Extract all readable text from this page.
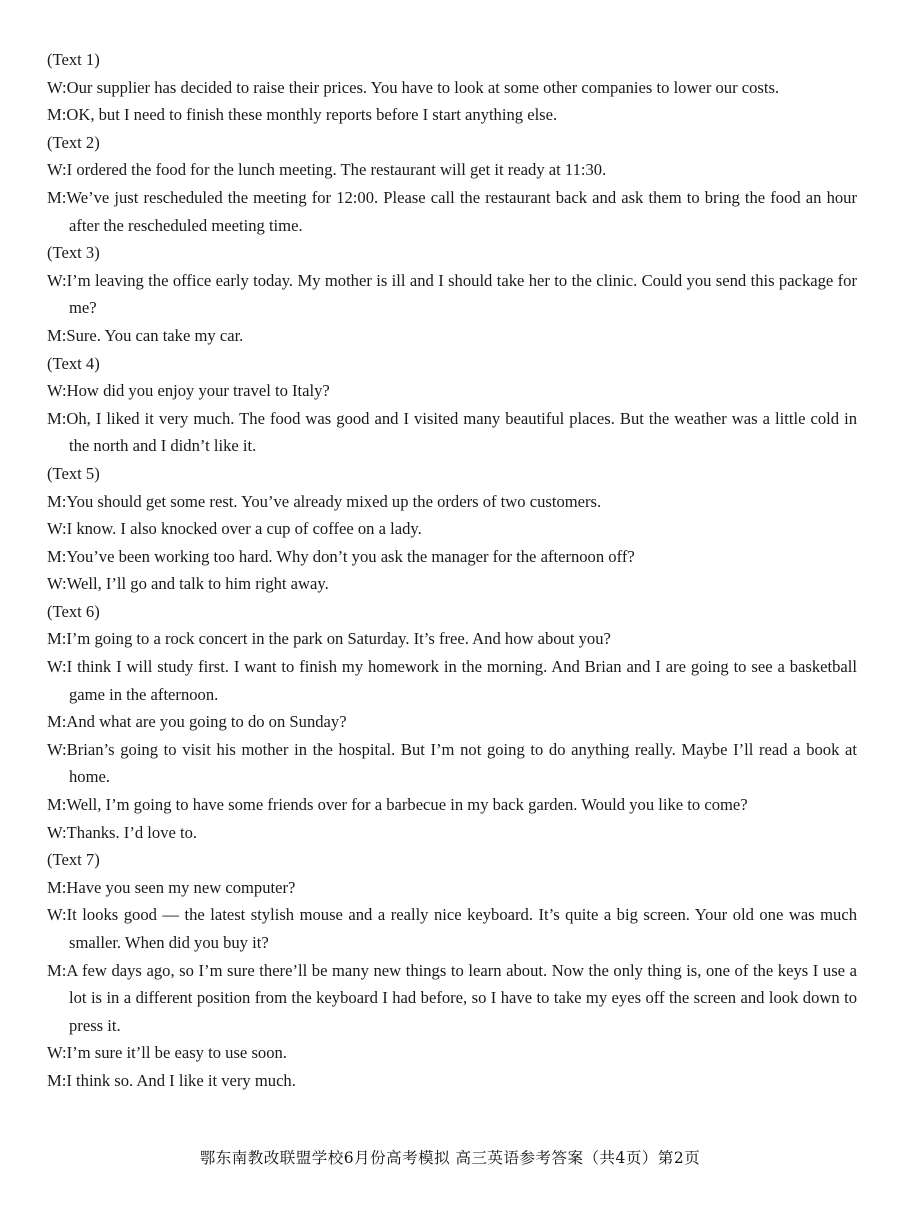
(Text 1)
W:Our supplier has decided to raise their prices. You have to look at some other companies to lower our costs.
M:OK, but I need to finish these monthly reports before I start anything else.
(Text 2)
W:I ordered the food for the lunch meeting. The restaurant will get it ready at 11:30.
M:We’ve just rescheduled the meeting for 12:00. Please call the restaurant back and ask them to bring the food an hour after the rescheduled meeting time.
(Text 3)
W:I’m leaving the office early today. My mother is ill and I should take her to the clinic. Could you send this package for me?
M:Sure. You can take my car.
(Text 4)
W:How did you enjoy your travel to Italy?
M:Oh, I liked it very much. The food was good and I visited many beautiful places. But the weather was a little cold in the north and I didn’t like it.
(Text 5)
M:You should get some rest. You’ve already mixed up the orders of two customers.
W:I know. I also knocked over a cup of coffee on a lady.
M:You’ve been working too hard. Why don’t you ask the manager for the afternoon off?
W:Well, I’ll go and talk to him right away.
(Text 6)
M:I’m going to a rock concert in the park on Saturday. It’s free. And how about you?
W:I think I will study first. I want to finish my homework in the morning. And Brian and I are going to see a basketball game in the afternoon.
M:And what are you going to do on Sunday?
W:Brian’s going to visit his mother in the hospital. But I’m not going to do anything really. Maybe I’ll read a book at home.
M:Well, I’m going to have some friends over for a barbecue in my back garden. Would you like to come?
W:Thanks. I’d love to.
(Text 7)
M:Have you seen my new computer?
W:It looks good — the latest stylish mouse and a really nice keyboard. It’s quite a big screen. Your old one was much smaller. When did you buy it?
M:A few days ago, so I’m sure there’ll be many new things to learn about. Now the only thing is, one of the keys I use a lot is in a different position from the keyboard I had before, so I have to take my eyes off the screen and look down to press it.
W:I’m sure it’ll be easy to use soon.
M:I think so. And I like it very much.
鄂东南教改联盟学校6月份高考模拟 高三英语参考答案（共4页）第2页
